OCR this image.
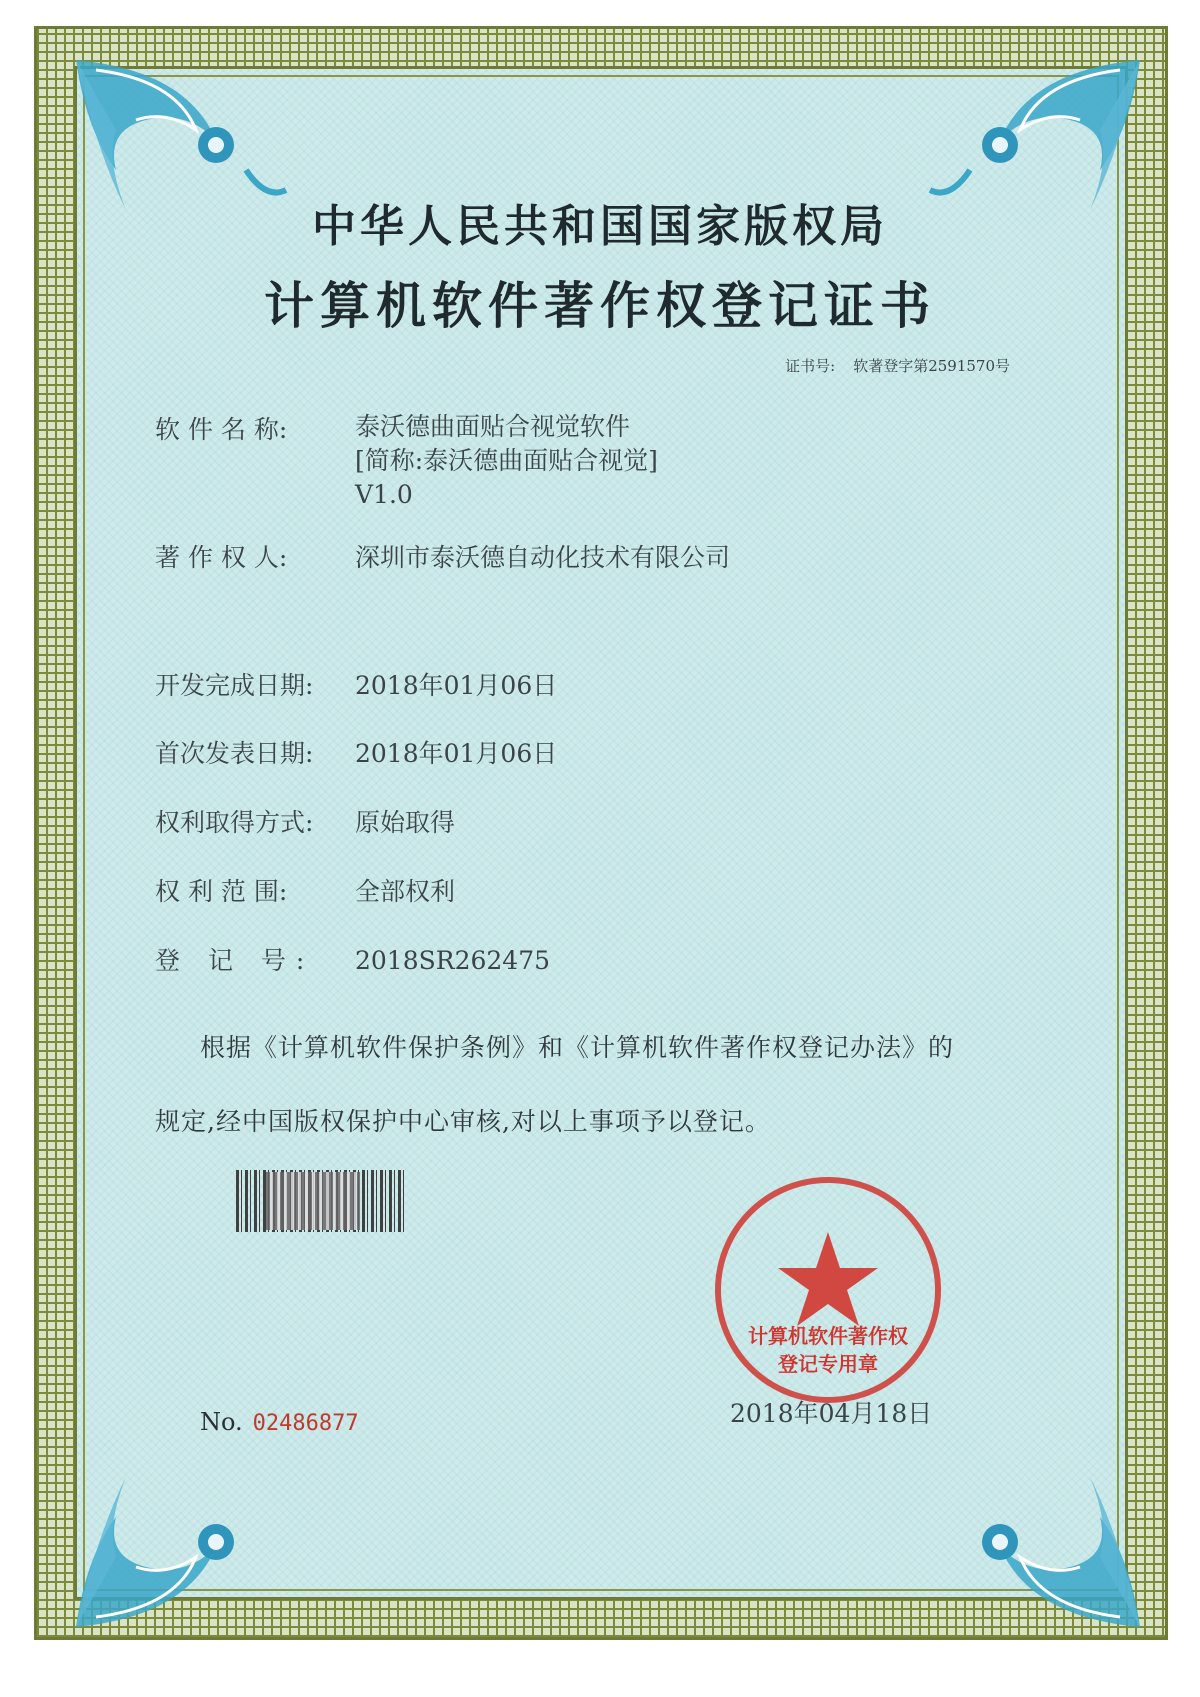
中华人民共和国国家版权局
计算机软件著作权登记证书
证书号: 软著登字第2591570号
软 件 名 称:	泰沃德曲面贴合视觉软件
[简称:泰沃德曲面贴合视觉]
V1.0
著 作 权 人:	深圳市泰沃德自动化技术有限公司
开发完成日期: 2018年01月06日
首次发表日期: 2018年01月06日
权利取得方式: 原始取得
权 利 范 围:	全部权利
登 记 号: 2018SR262475
根据《计算机软件保护条例》和《计算机软件著作权登记办法》的
规定,经中国版权保护中心审核,对以上事项予以登记。
计算机软件著作权
登记专用章
No. 02486877	2018年04月18日
